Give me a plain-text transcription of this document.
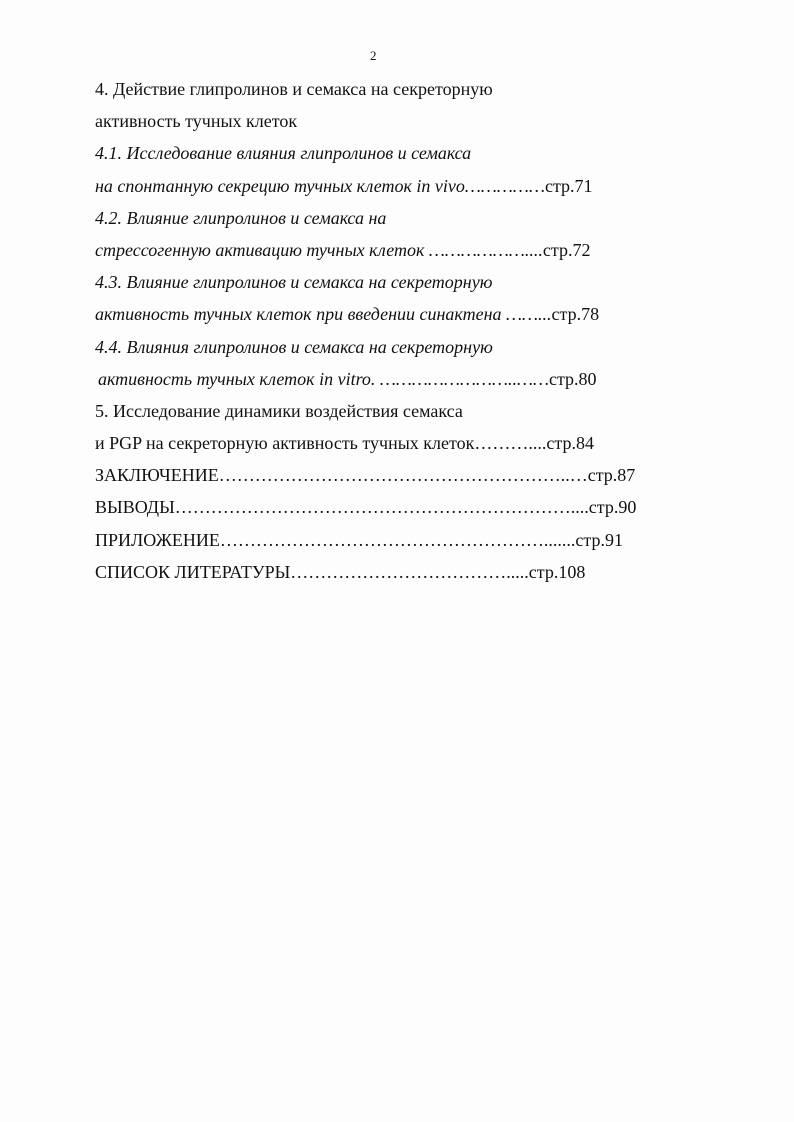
2
4. Действие глипролинов и семакса на секреторную
активность тучных клеток
4.1. Исследование влияния глипролинов и семакса
на спонтанную секрецию тучных клеток in vivo……………стр.71
4.2. Влияние глипролинов и семакса на
стрессогенную активацию тучных клеток ………………....стр.72
4.3. Влияние глипролинов и семакса на секреторную
активность тучных клеток при введении синактена ……...стр.78
4.4. Влияния глипролинов и семакса на секреторную
активность тучных клеток in vitro. ……………………..……стр.80
5. Исследование динамики воздействия семакса
и PGP на секреторную активность тучных клеток………....стр.84
ЗАКЛЮЧЕНИЕ…………………………………………………..…стр.87
ВЫВОДЫ…………………………………………………………....стр.90
ПРИЛОЖЕНИЕ……………………………………………….......стр.91
СПИСОК ЛИТЕРАТУРЫ……………………………….....стр.108
